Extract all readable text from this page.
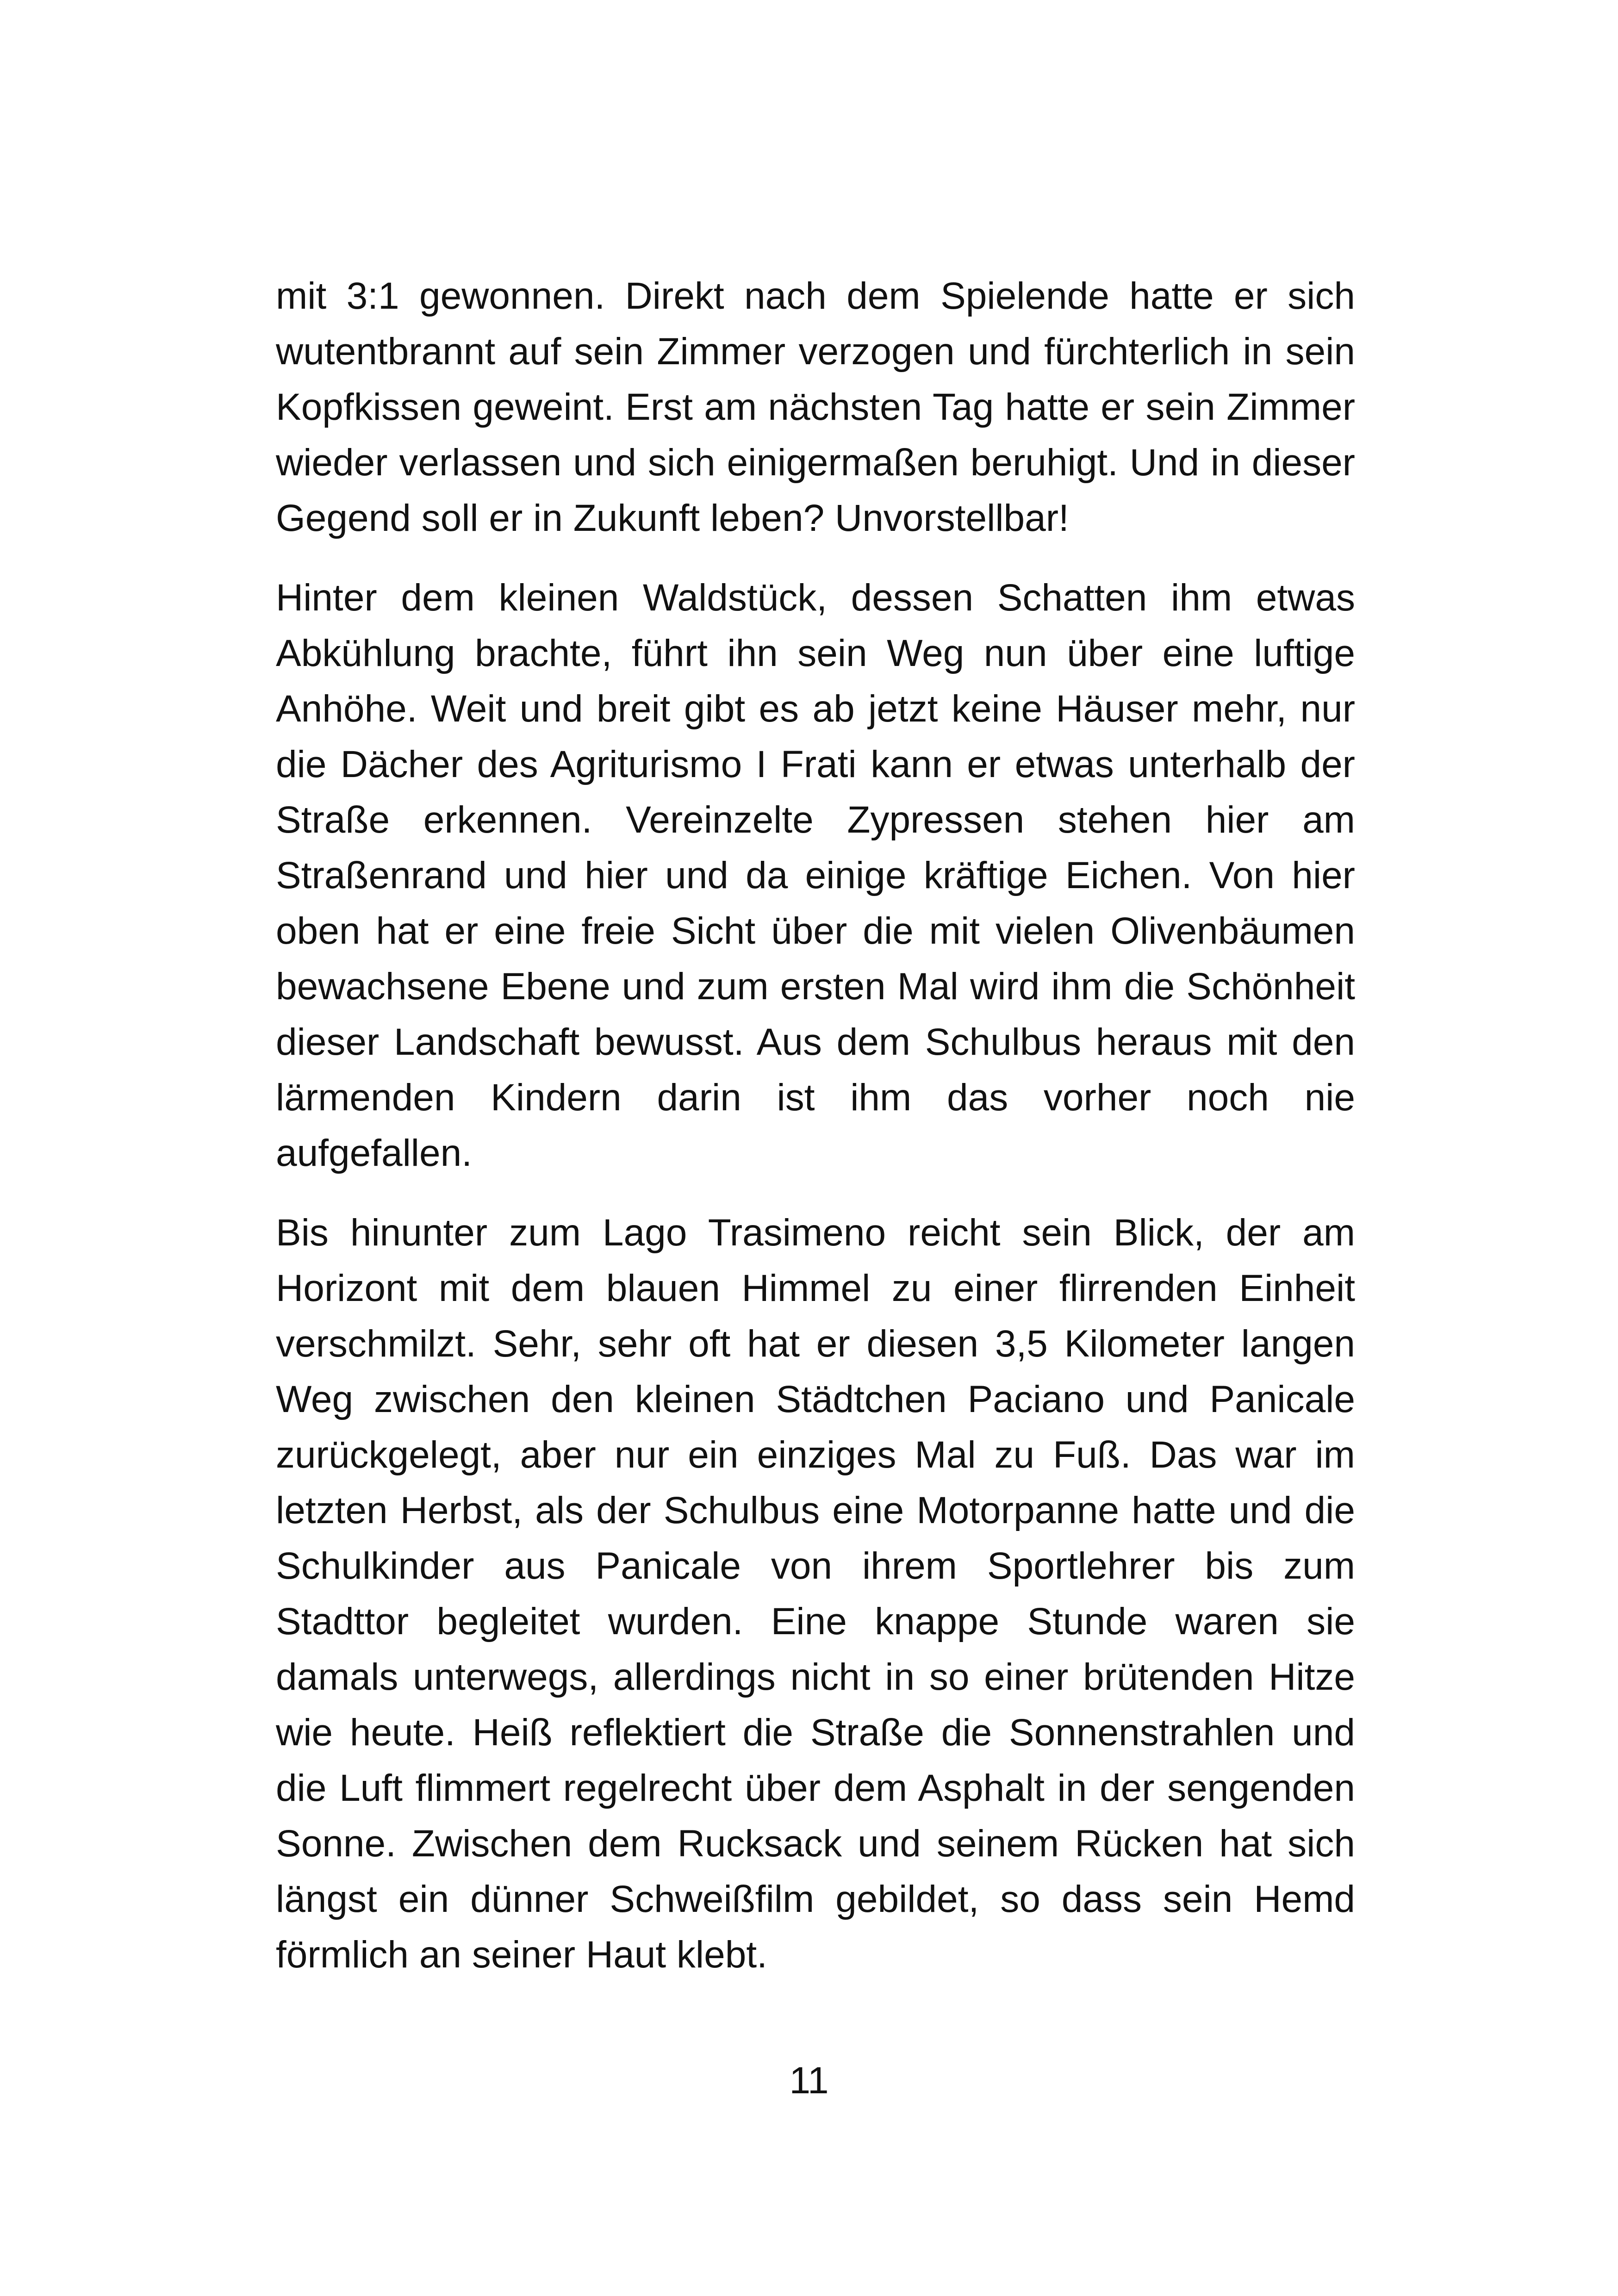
mit 3:1 gewonnen. Direkt nach dem Spielende hatte er sich wutentbrannt auf sein Zimmer verzogen und fürchterlich in sein Kopfkissen geweint. Erst am nächsten Tag hatte er sein Zimmer wieder verlassen und sich einigermaßen beruhigt. Und in dieser Gegend soll er in Zukunft leben? Unvorstellbar!

Hinter dem kleinen Waldstück, dessen Schatten ihm etwas Abkühlung brachte, führt ihn sein Weg nun über eine luftige Anhöhe. Weit und breit gibt es ab jetzt keine Häuser mehr, nur die Dächer des Agriturismo I Frati kann er etwas unterhalb der Straße erkennen. Vereinzelte Zypressen stehen hier am Straßenrand und hier und da einige kräftige Eichen. Von hier oben hat er eine freie Sicht über die mit vielen Olivenbäumen bewachsene Ebene und zum ersten Mal wird ihm die Schönheit dieser Landschaft bewusst. Aus dem Schulbus heraus mit den lärmenden Kindern darin ist ihm das vorher noch nie aufgefallen.

Bis hinunter zum Lago Trasimeno reicht sein Blick, der am Horizont mit dem blauen Himmel zu einer flirrenden Einheit verschmilzt. Sehr, sehr oft hat er diesen 3,5 Kilometer langen Weg zwischen den kleinen Städtchen Paciano und Panicale zurückgelegt, aber nur ein einziges Mal zu Fuß. Das war im letzten Herbst, als der Schulbus eine Motorpanne hatte und die Schulkinder aus Panicale von ihrem Sportlehrer bis zum Stadttor begleitet wurden. Eine knappe Stunde waren sie damals unterwegs, allerdings nicht in so einer brütenden Hitze wie heute. Heiß reflektiert die Straße die Sonnenstrahlen und die Luft flimmert regelrecht über dem Asphalt in der sengenden Sonne. Zwischen dem Rucksack und seinem Rücken hat sich längst ein dünner Schweißfilm gebildet, so dass sein Hemd förmlich an seiner Haut klebt.

11
